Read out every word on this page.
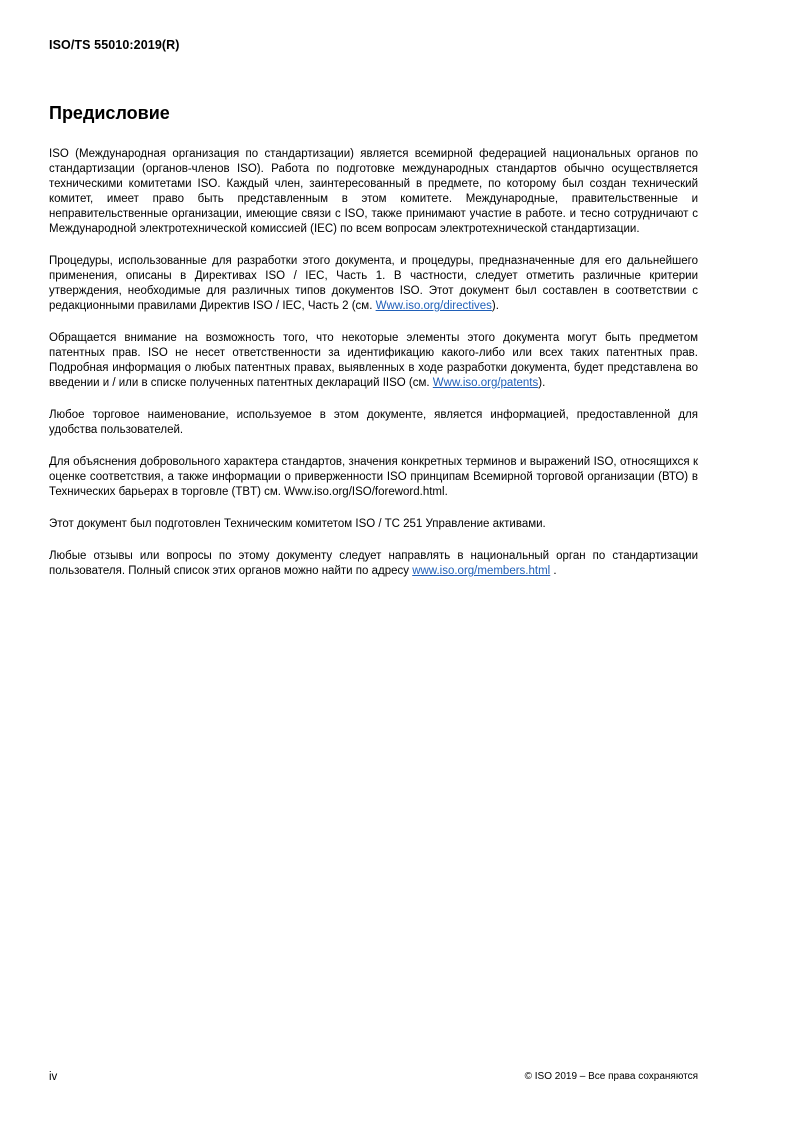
ISO/TS 55010:2019(R)
Предисловие

ISO (Международная организация по стандартизации) является всемирной федерацией национальных органов по стандартизации (органов-членов ISO). Работа по подготовке международных стандартов обычно осуществляется техническими комитетами ISO. Каждый член, заинтересованный в предмете, по которому был создан технический комитет, имеет право быть представленным в этом комитете. Международные, правительственные и неправительственные организации, имеющие связи с ISO, также принимают участие в работе. и тесно сотрудничают с Международной электротехнической комиссией (IEC) по всем вопросам электротехнической стандартизации.

Процедуры, использованные для разработки этого документа, и процедуры, предназначенные для его дальнейшего применения, описаны в Директивах ISO / IEC, Часть 1. В частности, следует отметить различные критерии утверждения, необходимые для различных типов документов ISO. Этот документ был составлен в соответствии с редакционными правилами Директив ISO / IEC, Часть 2 (см. Www.iso.org/directives).

Обращается внимание на возможность того, что некоторые элементы этого документа могут быть предметом патентных прав. ISO не несет ответственности за идентификацию какого-либо или всех таких патентных прав. Подробная информация о любых патентных правах, выявленных в ходе разработки документа, будет представлена во введении и / или в списке полученных патентных деклараций IISO (см. Www.iso.org/patents).

Любое торговое наименование, используемое в этом документе, является информацией, предоставленной для удобства пользователей.

Для объяснения добровольного характера стандартов, значения конкретных терминов и выражений ISO, относящихся к оценке соответствия, а также информации о приверженности ISO принципам Всемирной торговой организации (ВТО) в Технических барьерах в торговле (TBT) см. Www.iso.org/ISO/foreword.html.

Этот документ был подготовлен Техническим комитетом ISO / TC 251 Управление активами.

Любые отзывы или вопросы по этому документу следует направлять в национальный орган по стандартизации пользователя. Полный список этих органов можно найти по адресу www.iso.org/members.html .

iv	© ISO 2019 – Все права сохраняются
